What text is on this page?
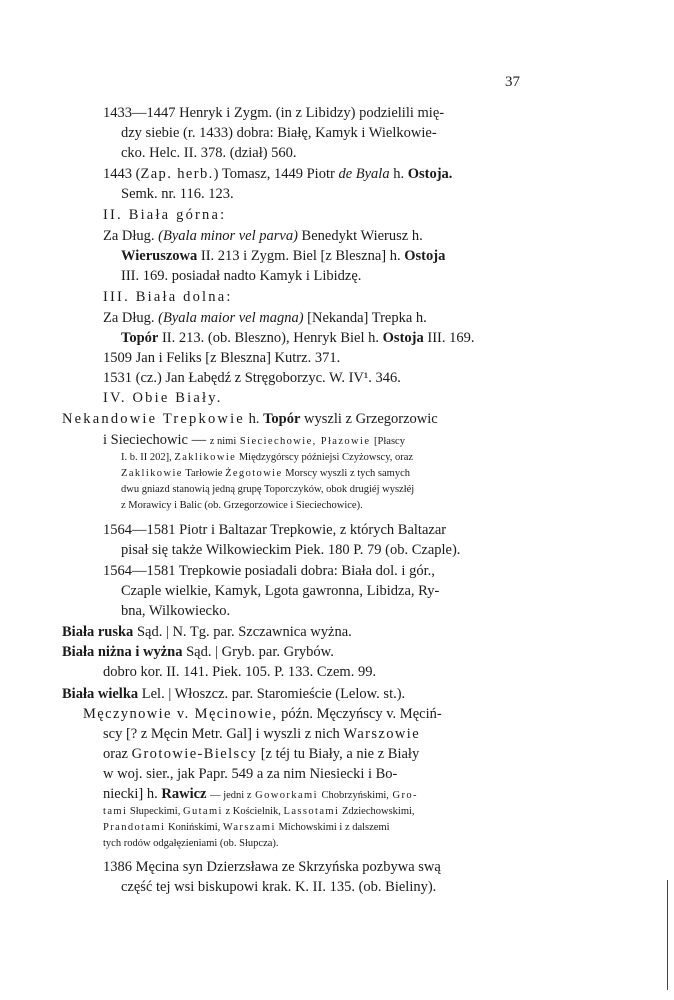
37
1433—1447 Henryk i Zygm. (in z Libidzy) podzielili mię-
dzy siebie (r. 1433) dobra: Białę, Kamyk i Wielkowie-
cko. Helc. II. 378. (dział) 560.
1443 (Zap. herb.) Tomasz, 1449 Piotr de Byala h. Ostoja.
Semk. nr. 116. 123.
II. Biała górna:
Za Dług. (Byala minor vel parva) Benedykt Wierusz h.
Wieruszowa II. 213 i Zygm. Biel [z Bleszna] h. Ostoja
III. 169. posiadał nadto Kamyk i Libidzę.
III. Biała dolna:
Za Dług. (Byala maior vel magna) [Nekanda] Trepka h.
Topór II. 213. (ob. Bleszno), Henryk Biel h. Ostoja III. 169.
1509 Jan i Feliks [z Bleszna] Kutrz. 371.
1531 (cz.) Jan Łabędź z Stręgoborzyc. W. IV¹. 346.
IV. Obie Biały.
Nekandowie Trepkowie h. Topór wyszli z Grzegorzowic
i Sieciechowic — z nimi Sieciechowie, Płazowie [Płascy
I. b. II 202], Zaklikowie Międzygórscy późniejsi Czyżowscy, oraz
Zaklikowie Tarłowie Żegotowie Morscy wyszli z tych samych
dwu gniazd stanowią jedną grupę Toporczyków, obok drugiéj wyszłéj
z Morawicy i Balic (ob. Grzegorzowice i Sieciechowice).
1564—1581 Piotr i Baltazar Trepkowie, z których Baltazar
pisał się także Wilkowieckim Piek. 180 P. 79 (ob. Czaple).
1564—1581 Trepkowie posiadali dobra: Biała dol. i gór.,
Czaple wielkie, Kamyk, Lgota gawronna, Libidza, Ry-
bna, Wilkowiecko.
Biała ruska Sąd. | N. Tg. par. Szczawnica wyżna.
Biała niżna i wyżna Sąd. | Gryb. par. Grybów.
dobro kor. II. 141. Piek. 105. P. 133. Czem. 99.
Biała wielka Lel. | Włoszcz. par. Staromieście (Lelow. st.).
Męczynowie v. Męcinowie, późn. Męczyńscy v. Męciń-
scy [? z Męcin Metr. Gal] i wyszli z nich Warszowie
oraz Grotowie-Bielscy [z téj tu Biały, a nie z Biały
w woj. sier., jak Papr. 549 a za nim Niesiecki i Bo-
niecki] h. Rawicz — jedni z Goworkami Chobrzyńskimi, Gro-
tami Słupeckimi, Gutami z Kościelnik, Lassotami Zdziechowskimi,
Prandotami Konińskimi, Warszami Michowskimi i z dalszemi
tych rodów odgałęzieniami (ob. Słupcza).
1386 Męcina syn Dzierzsława ze Skrzyńska pozbywa swą
część tej wsi biskupowi krak. K. II. 135. (ob. Bieliny).
